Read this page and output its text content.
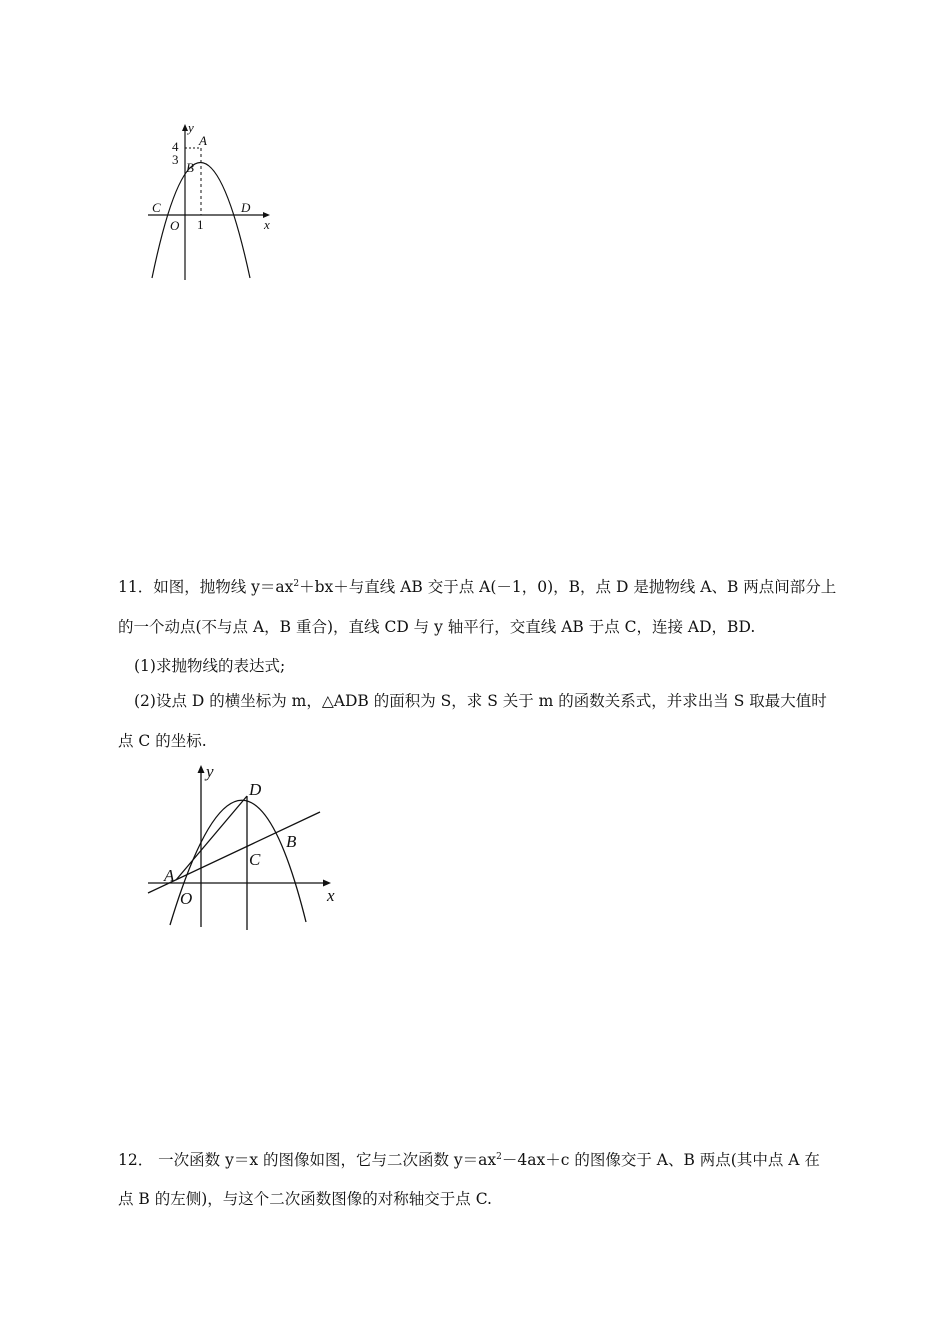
y
x
O
4
3
1
A
B
C	D
11．如图，抛物线 $y=ax^2+bx+$与直线 AB 交于点 A(－1，0)，B，点 D 是抛物线 A、B 两点间部分上
的一个动点(不与点 A，B 重合)，直线 CD 与 y 轴平行，交直线 AB 于点 C，连接 AD，BD.
(1)求抛物线的表达式;
(2)设点 D 的横坐标为 m，△ADB 的面积为 S，求 S 关于 m 的函数关系式，并求出当 S 取最大值时
点 C 的坐标.
y
x
O
A
B
C
D
12． 一次函数 y＝x 的图像如图，它与二次函数 $y=ax^2-4ax+c$ 的图像交于 A、B 两点(其中点 A 在
点 B 的左侧)，与这个二次函数图像的对称轴交于点 C.
